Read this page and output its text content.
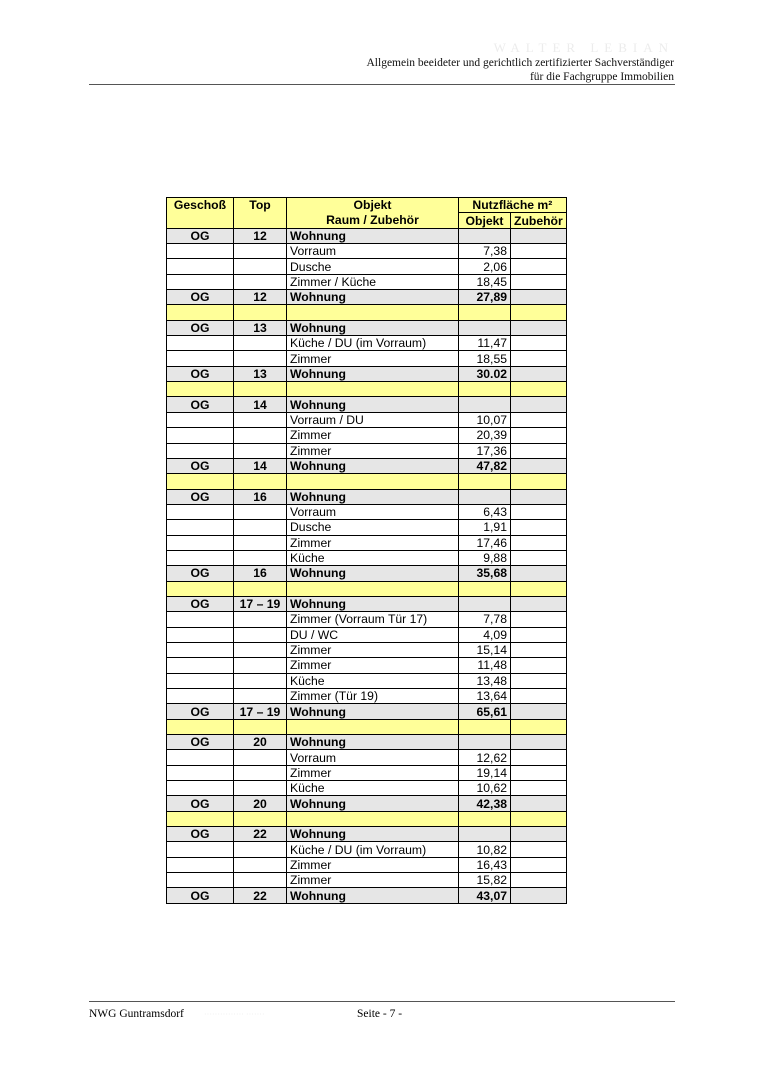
WALTER LEBIAN
Allgemein beeideter und gerichtlich zertifizierter Sachverständiger
für die Fachgruppe Immobilien
Geschoß	Top	Objekt	Nutzfläche m²	
		Raum / Zubehör	Objekt	Zubehör
OG	12	Wohnung		
		Vorraum	7,38	
		Dusche	2,06	
		Zimmer / Küche	18,45	
OG	12	Wohnung	27,89	

OG	13	Wohnung		
		Küche / DU (im Vorraum)	11,47	
		Zimmer	18,55	
OG	13	Wohnung	30.02	

OG	14	Wohnung		
		Vorraum / DU	10,07	
		Zimmer	20,39	
		Zimmer	17,36	
OG	14	Wohnung	47,82	

OG	16	Wohnung		
		Vorraum	6,43	
		Dusche	1,91	
		Zimmer	17,46	
		Küche	9,88	
OG	16	Wohnung	35,68	

OG	17 – 19	Wohnung		
		Zimmer (Vorraum Tür 17)	7,78	
		DU / WC	4,09	
		Zimmer	15,14	
		Zimmer	11,48	
		Küche	13,48	
		Zimmer (Tür 19)	13,64	
OG	17 – 19	Wohnung	65,61	

OG	20	Wohnung		
		Vorraum	12,62	
		Zimmer	19,14	
		Küche	10,62	
OG	20	Wohnung	42,38	

OG	22	Wohnung		
		Küche / DU (im Vorraum)	10,82	
		Zimmer	16,43	
		Zimmer	15,82	
OG	22	Wohnung	43,07	
NWG Guntramsdorf	··············· ·······	Seite - 7 -
